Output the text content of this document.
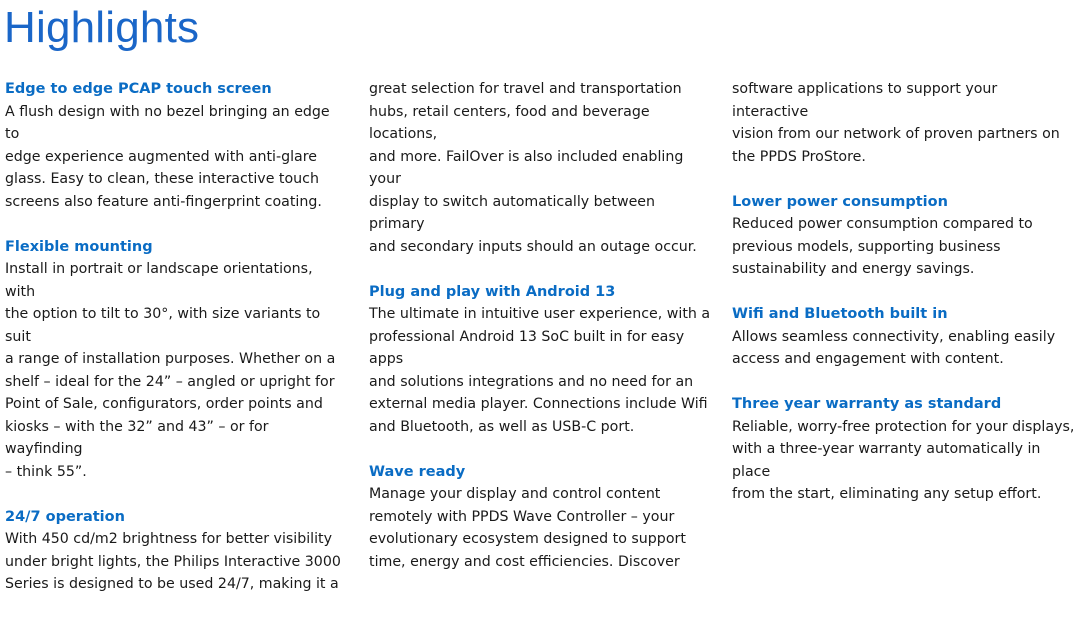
Highlights
Edge to edge PCAP touch screen

A flush design with no bezel bringing an edge to
edge experience augmented with anti-glare
glass. Easy to clean, these interactive touch
screens also feature anti-fingerprint coating.

Flexible mounting

Install in portrait or landscape orientations, with
the option to tilt to 30°, with size variants to suit
a range of installation purposes. Whether on a
shelf – ideal for the 24” – angled or upright for
Point of Sale, configurators, order points and
kiosks – with the 32” and 43” – or for wayfinding
– think 55”.

24/7 operation

With 450 cd/m2 brightness for better visibility
under bright lights, the Philips Interactive 3000
Series is designed to be used 24/7, making it a

great selection for travel and transportation
hubs, retail centers, food and beverage locations,
and more. FailOver is also included enabling your
display to switch automatically between primary
and secondary inputs should an outage occur.

Plug and play with Android 13

The ultimate in intuitive user experience, with a
professional Android 13 SoC built in for easy apps
and solutions integrations and no need for an
external media player. Connections include Wifi
and Bluetooth, as well as USB-C port.

Wave ready

Manage your display and control content
remotely with PPDS Wave Controller – your
evolutionary ecosystem designed to support
time, energy and cost efficiencies. Discover

software applications to support your interactive
vision from our network of proven partners on
the PPDS ProStore.

Lower power consumption

Reduced power consumption compared to
previous models, supporting business
sustainability and energy savings.

Wifi and Bluetooth built in

Allows seamless connectivity, enabling easily
access and engagement with content.

Three year warranty as standard

Reliable, worry-free protection for your displays,
with a three-year warranty automatically in place
from the start, eliminating any setup effort.
